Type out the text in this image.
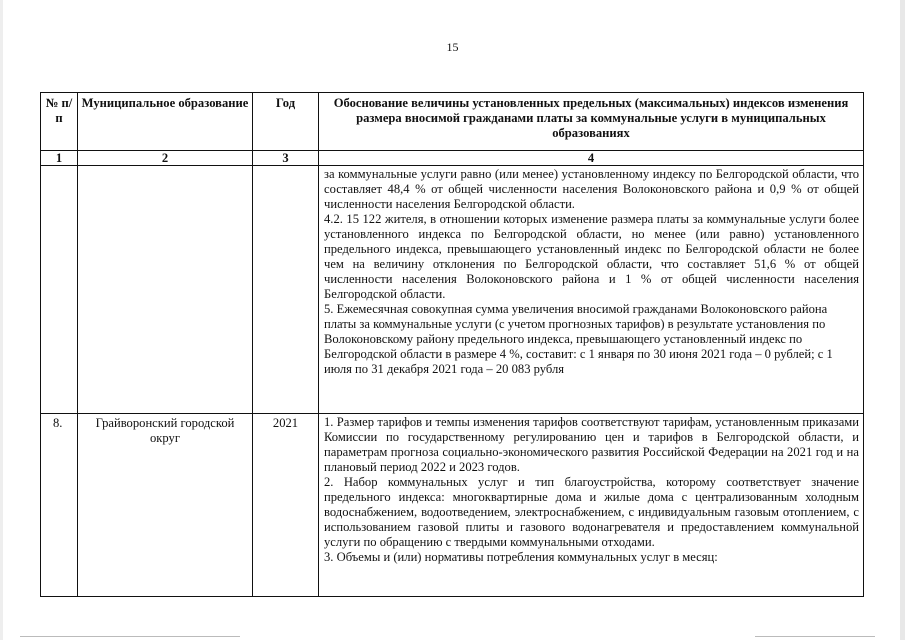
15
№ п/п	Муниципальное образование	Год	Обоснование величины установленных предельных (максимальных) индексов изменения размера вносимой гражданами платы за коммунальные услуги в муниципальных образованиях
1	2	3	4

			за коммунальные услуги равно (или менее) установленному индексу по Белгородской области, что составляет 48,4 % от общей численности населения Волоконовского района и 0,9 % от общей численности населения Белгородской области.

4.2. 15 122 жителя, в отношении которых изменение размера платы за коммунальные услуги более установленного индекса по Белгородской области, но менее (или равно) установленного предельного индекса, превышающего установленный индекс по Белгородской области не более чем на величину отклонения по Белгородской области, что составляет 51,6 % от общей численности населения Волоконовского района и 1 % от общей численности населения Белгородской области.

5. Ежемесячная совокупная сумма увеличения вносимой гражданами Волоконовского района платы за коммунальные услуги (с учетом прогнозных тарифов) в результате установления по Волоконовскому району предельного индекса, превышающего установленный индекс по Белгородской области в размере 4 %, составит: с 1 января по 30 июня 2021 года – 0 рублей; с 1 июля по 31 декабря 2021 года – 20 083 рубля

8.	Грайворонский городской округ	2021	1. Размер тарифов и темпы изменения тарифов соответствуют тарифам, установленным приказами Комиссии по государственному регулированию цен и тарифов в Белгородской области, и параметрам прогноза социально-экономического развития Российской Федерации на 2021 год и на плановый период 2022 и 2023 годов.

2. Набор коммунальных услуг и тип благоустройства, которому соответствует значение предельного индекса: многоквартирные дома и жилые дома с централизованным холодным водоснабжением, водоотведением, электроснабжением, с индивидуальным газовым отоплением, с использованием газовой плиты и газового водонагревателя и предоставлением коммунальной услуги по обращению с твердыми коммунальными отходами.

3. Объемы и (или) нормативы потребления коммунальных услуг в месяц:
